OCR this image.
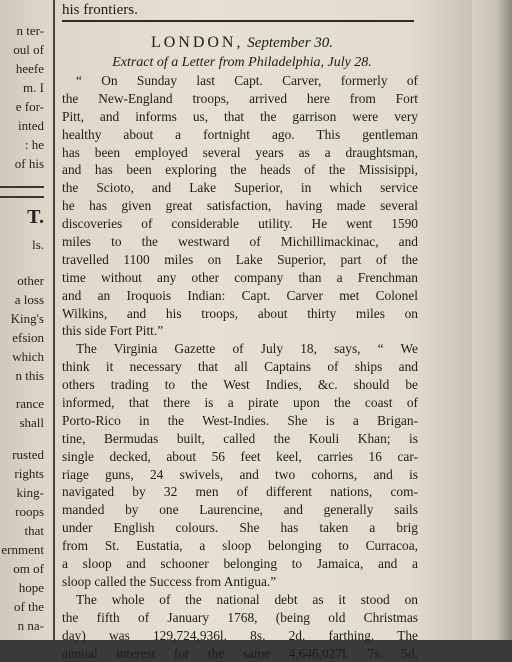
n ter-
oul of
heefe
m. I
e for-
inted
: he
of his
T.
ls.
other
a loss
King's
efsion
which
n this
rance
shall
rusted
rights
king-
roops
that
ernment
om of
hope
of the
n na-
his frontiers.
LONDON, September 30.
Extract of a Letter from Philadelphia, July 28.
“ On Sunday last Capt. Carver, formerly of
the New-England troops, arrived here from Fort
Pitt, and informs us, that the garrison were very
healthy about a fortnight ago. This gentleman
has been employed several years as a draughtsman,
and has been exploring the heads of the Missisippi,
the Scioto, and Lake Superior, in which service
he has given great satisfaction, having made several
discoveries of considerable utility. He went 1590
miles to the westward of Michillimackinac, and
travelled 1100 miles on Lake Superior, part of the
time without any other company than a Frenchman
and an Iroquois Indian: Capt. Carver met Colonel
Wilkins, and his troops, about thirty miles on
this side Fort Pitt.”
The Virginia Gazette of July 18, says, “ We
think it necessary that all Captains of ships and
others trading to the West Indies, &c. should be
informed, that there is a pirate upon the coast of
Porto-Rico in the West-Indies. She is a Brigan-
tine, Bermudas built, called the Kouli Khan; is
single decked, about 56 feet keel, carries 16 car-
riage guns, 24 swivels, and two cohorns, and is
navigated by 32 men of different nations, com-
manded by one Laurencine, and generally sails
under English colours. She has taken a brig
from St. Eustatia, a sloop belonging to Curracoa,
a sloop and schooner belonging to Jamaica, and a
sloop called the Success from Antigua.”
The whole of the national debt as it stood on
the fifth of January 1768, (being old Christmas
day) was 129,724,936l. 8s. 2d. farthing. The
annual interest for the same 4,646,027l. 7s. 5d.
